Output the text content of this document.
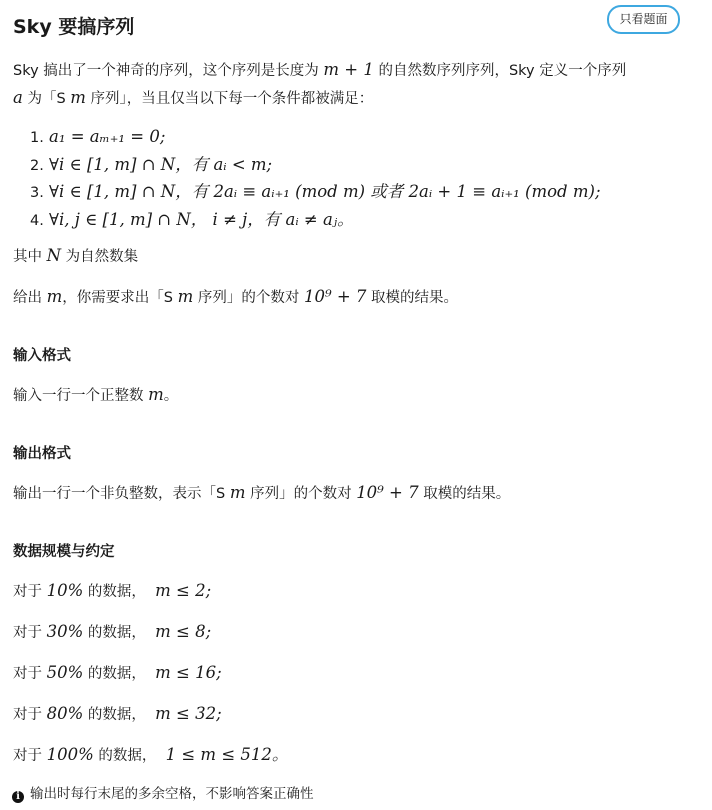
Sky 要搞序列	只看题面
Sky 搞出了一个神奇的序列，这个序列是长度为 m + 1 的自然数序列序列，Sky 定义一个序列
a 为「S m 序列」，当且仅当以下每一个条件都被满足：
1. a₁ = aₘ₊₁ = 0;
2. ∀i ∈ [1, m] ∩ N，有 aᵢ < m;
3. ∀i ∈ [1, m] ∩ N，有 2aᵢ ≡ aᵢ₊₁ (mod m) 或者 2aᵢ + 1 ≡ aᵢ₊₁ (mod m);
4. ∀i, j ∈ [1, m] ∩ N， i ≠ j，有 aᵢ ≠ aⱼ。
其中 N 为自然数集
给出 m，你需要求出「S m 序列」的个数对 10⁹ + 7 取模的结果。
输入格式
输入一行一个正整数 m。
输出格式
输出一行一个非负整数，表示「S m 序列」的个数对 10⁹ + 7 取模的结果。
数据规模与约定
对于 10% 的数据， m ≤ 2;
对于 30% 的数据， m ≤ 8;
对于 50% 的数据， m ≤ 16;
对于 80% 的数据， m ≤ 32;
对于 100% 的数据， 1 ≤ m ≤ 512。
i 输出时每行末尾的多余空格，不影响答案正确性
